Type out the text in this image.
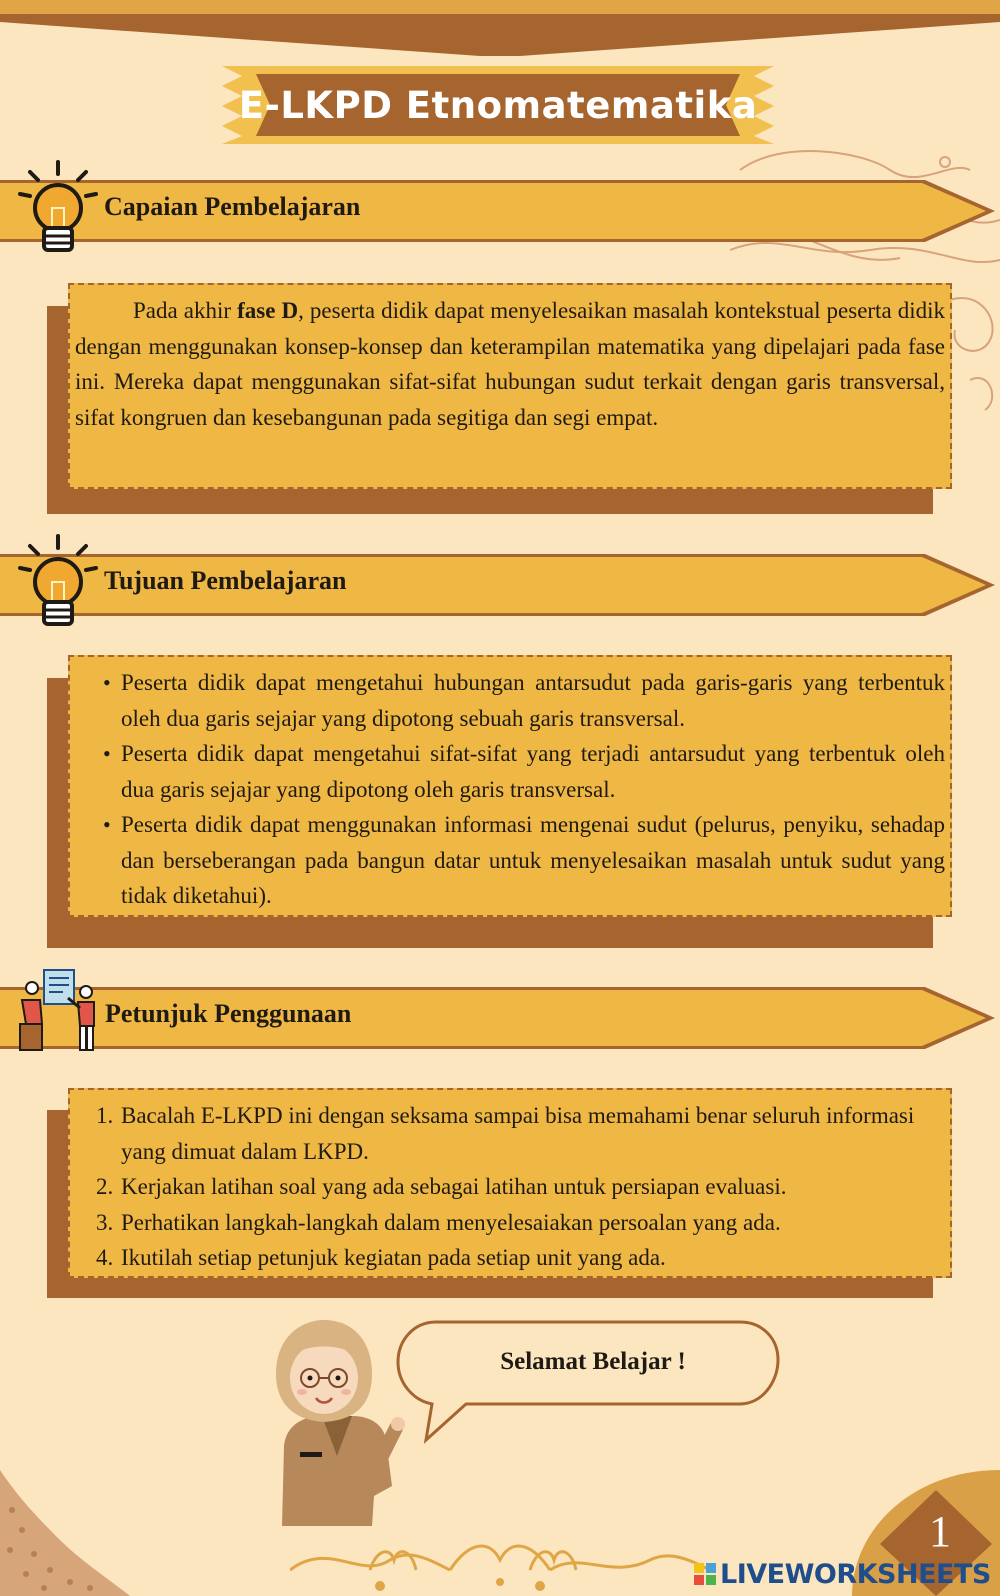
E-LKPD Etnomatematika
Capaian Pembelajaran

Pada akhir fase D, peserta didik dapat menyelesaikan masalah kontekstual peserta didik dengan menggunakan konsep-konsep dan keterampilan matematika yang dipelajari pada fase ini. Mereka dapat menggunakan sifat-sifat hubungan sudut terkait dengan garis transversal, sifat kongruen dan kesebangunan pada segitiga dan segi empat.

Tujuan Pembelajaran
• Peserta didik dapat mengetahui hubungan antarsudut pada garis-garis yang terbentuk oleh dua garis sejajar yang dipotong sebuah garis transversal.
• Peserta didik dapat mengetahui sifat-sifat yang terjadi antarsudut yang terbentuk oleh dua garis sejajar yang dipotong oleh garis transversal.
• Peserta didik dapat menggunakan informasi mengenai sudut (pelurus, penyiku, sehadap dan berseberangan pada bangun datar untuk menyelesaikan masalah untuk sudut yang tidak diketahui).
Petunjuk Penggunaan
1. Bacalah E-LKPD ini dengan seksama sampai bisa memahami benar seluruh informasi yang dimuat dalam LKPD.
2. Kerjakan latihan soal yang ada sebagai latihan untuk persiapan evaluasi.
3. Perhatikan langkah-langkah dalam menyelesaiakan persoalan yang ada.
4. Ikutilah setiap petunjuk kegiatan pada setiap unit yang ada.
Selamat Belajar !
1
LIVEWORKSHEETS
